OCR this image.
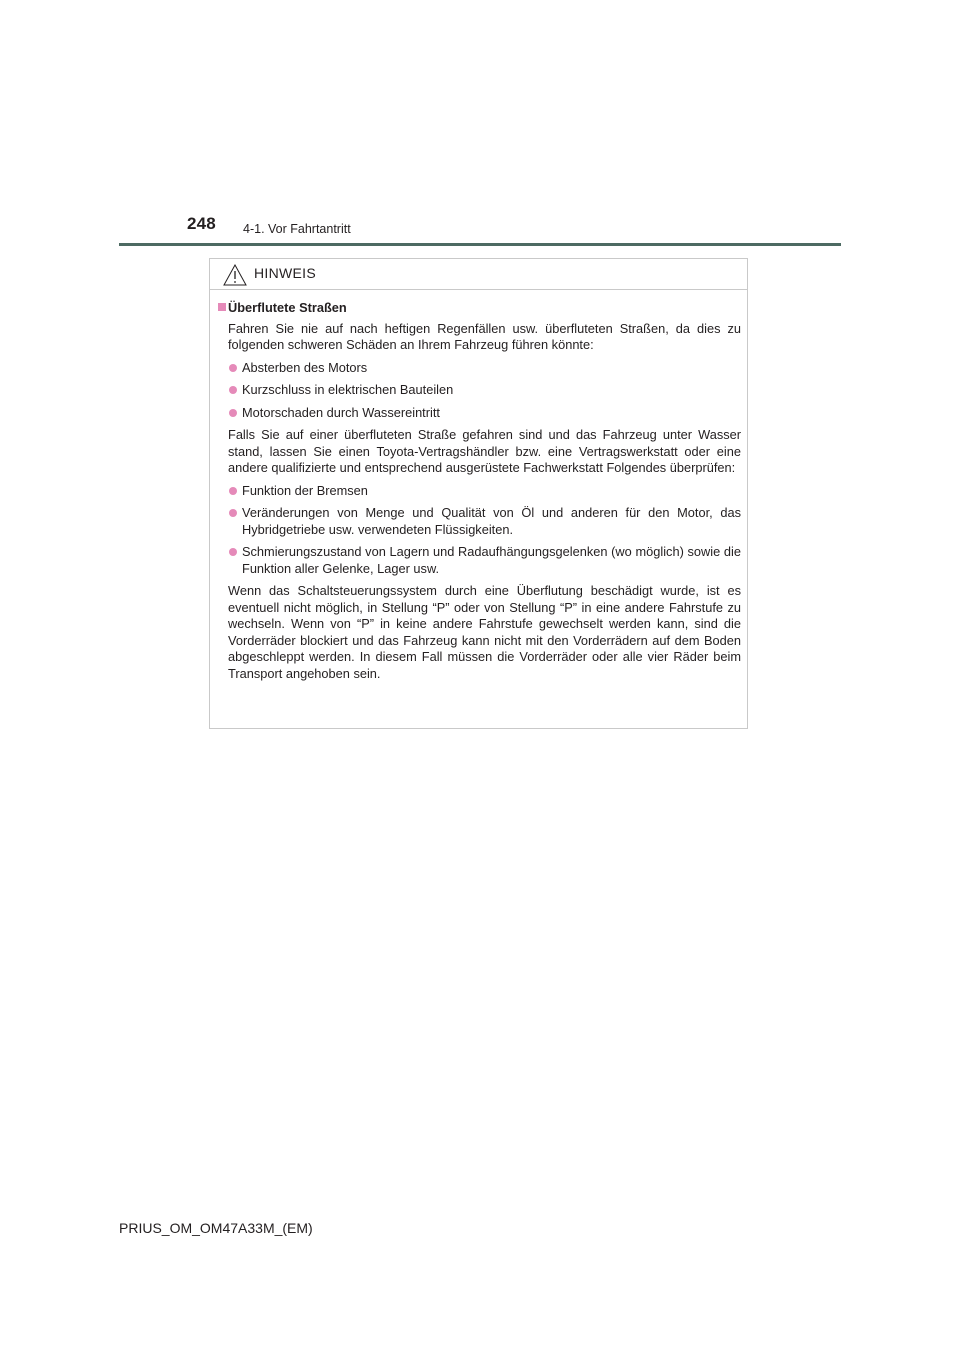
248 4-1. Vor Fahrtantritt
HINWEIS
Überflutete Straßen
Fahren Sie nie auf nach heftigen Regenfällen usw. überfluteten Straßen, da dies zu folgenden schweren Schäden an Ihrem Fahrzeug führen könnte:
Absterben des Motors
Kurzschluss in elektrischen Bauteilen
Motorschaden durch Wassereintritt
Falls Sie auf einer überfluteten Straße gefahren sind und das Fahrzeug unter Wasser stand, lassen Sie einen Toyota-Vertragshändler bzw. eine Vertragswerkstatt oder eine andere qualifizierte und entsprechend ausgerüstete Fachwerkstatt Folgendes überprüfen:
Funktion der Bremsen
Veränderungen von Menge und Qualität von Öl und anderen für den Motor, das Hybridgetriebe usw. verwendeten Flüssigkeiten.
Schmierungszustand von Lagern und Radaufhängungsgelenken (wo möglich) sowie die Funktion aller Gelenke, Lager usw.
Wenn das Schaltsteuerungssystem durch eine Überflutung beschädigt wurde, ist es eventuell nicht möglich, in Stellung “P” oder von Stellung “P” in eine andere Fahrstufe zu wechseln. Wenn von “P” in keine andere Fahrstufe gewechselt werden kann, sind die Vorderräder blockiert und das Fahrzeug kann nicht mit den Vorderrädern auf dem Boden abgeschleppt werden. In diesem Fall müssen die Vorderräder oder alle vier Räder beim Transport angehoben sein.
PRIUS_OM_OM47A33M_(EM)
